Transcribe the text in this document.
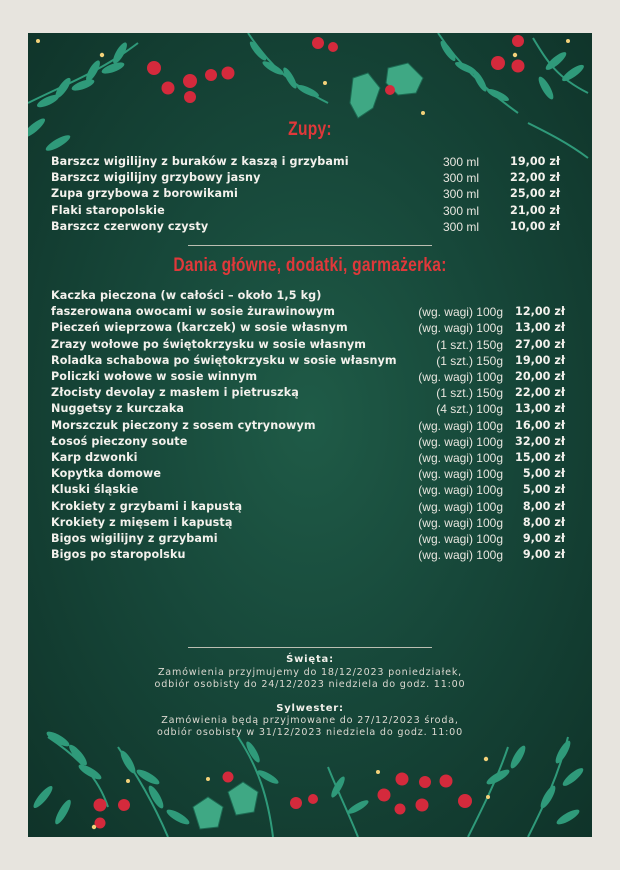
Zupy:
Barszcz wigilijny z buraków z kaszą i grzybami	300 ml	19,00 zł
Barszcz wigilijny grzybowy jasny	300 ml	22,00 zł
Zupa grzybowa z borowikami	300 ml	25,00 zł
Flaki staropolskie	300 ml	21,00 zł
Barszcz czerwony czysty	300 ml	10,00 zł
Dania główne, dodatki, garmażerka:
Kaczka pieczona (w całości – około 1,5 kg)
faszerowana owocami w sosie żurawinowym	(wg. wagi) 100g 12,00 zł
Pieczeń wieprzowa (karczek) w sosie własnym	(wg. wagi) 100g 13,00 zł
Zrazy wołowe po świętokrzysku w sosie własnym	(1 szt.) 150g 27,00 zł
Roladka schabowa po świętokrzysku w sosie własnym	(1 szt.) 150g 19,00 zł
Policzki wołowe w sosie winnym	(wg. wagi) 100g 20,00 zł
Złocisty devolay z masłem i pietruszką	(1 szt.) 150g 22,00 zł
Nuggetsy z kurczaka	(4 szt.) 100g 13,00 zł
Morszczuk pieczony z sosem cytrynowym	(wg. wagi) 100g 16,00 zł
Łosoś pieczony soute	(wg. wagi) 100g 32,00 zł
Karp dzwonki	(wg. wagi) 100g 15,00 zł
Kopytka domowe	(wg. wagi) 100g 5,00 zł
Kluski śląskie	(wg. wagi) 100g 5,00 zł
Krokiety z grzybami i kapustą	(wg. wagi) 100g 8,00 zł
Krokiety z mięsem i kapustą	(wg. wagi) 100g 8,00 zł
Bigos wigilijny z grzybami	(wg. wagi) 100g 9,00 zł
Bigos po staropolsku	(wg. wagi) 100g 9,00 zł
Święta:
Zamówienia przyjmujemy do 18/12/2023 poniedziałek,
odbiór osobisty do 24/12/2023 niedziela do godz. 11:00
Sylwester:
Zamówienia będą przyjmowane do 27/12/2023 środa,
odbiór osobisty w 31/12/2023 niedziela do godz. 11:00
